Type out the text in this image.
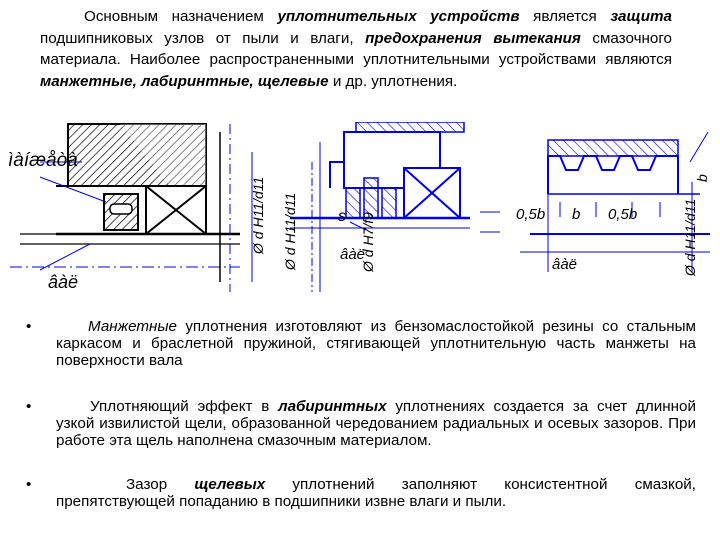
Основным назначением уплотнительных устройств является защита подшипниковых узлов от пыли и влаги, предохранения вытекания смазочного материала. Наиболее распространенными уплотнительными устройствами являются манжетные, лабиринтные, щелевые и др. уплотнения.
ìàíæåòà
âàë
Ø d H11/d11 Ø d H11/d11	s Ø d H7/f9
âàë
b
0,5b b 0,5b	Ø d H11/d11
âàë
•	Манжетные уплотнения изготовляют из бензомаслостойкой резины со стальным каркасом и браслетной пружиной, стягивающей уплотнительную часть манжеты на поверхности вала
•	Уплотняющий эффект в лабиринтных уплотнениях создается за счет длинной узкой извилистой щели, образованной чередованием радиальных и осевых зазоров. При работе эта щель наполнена смазочным материалом.
•	Зазор щелевых уплотнений заполняют консистентной смазкой, препятствующей попаданию в подшипники извне влаги и пыли.
